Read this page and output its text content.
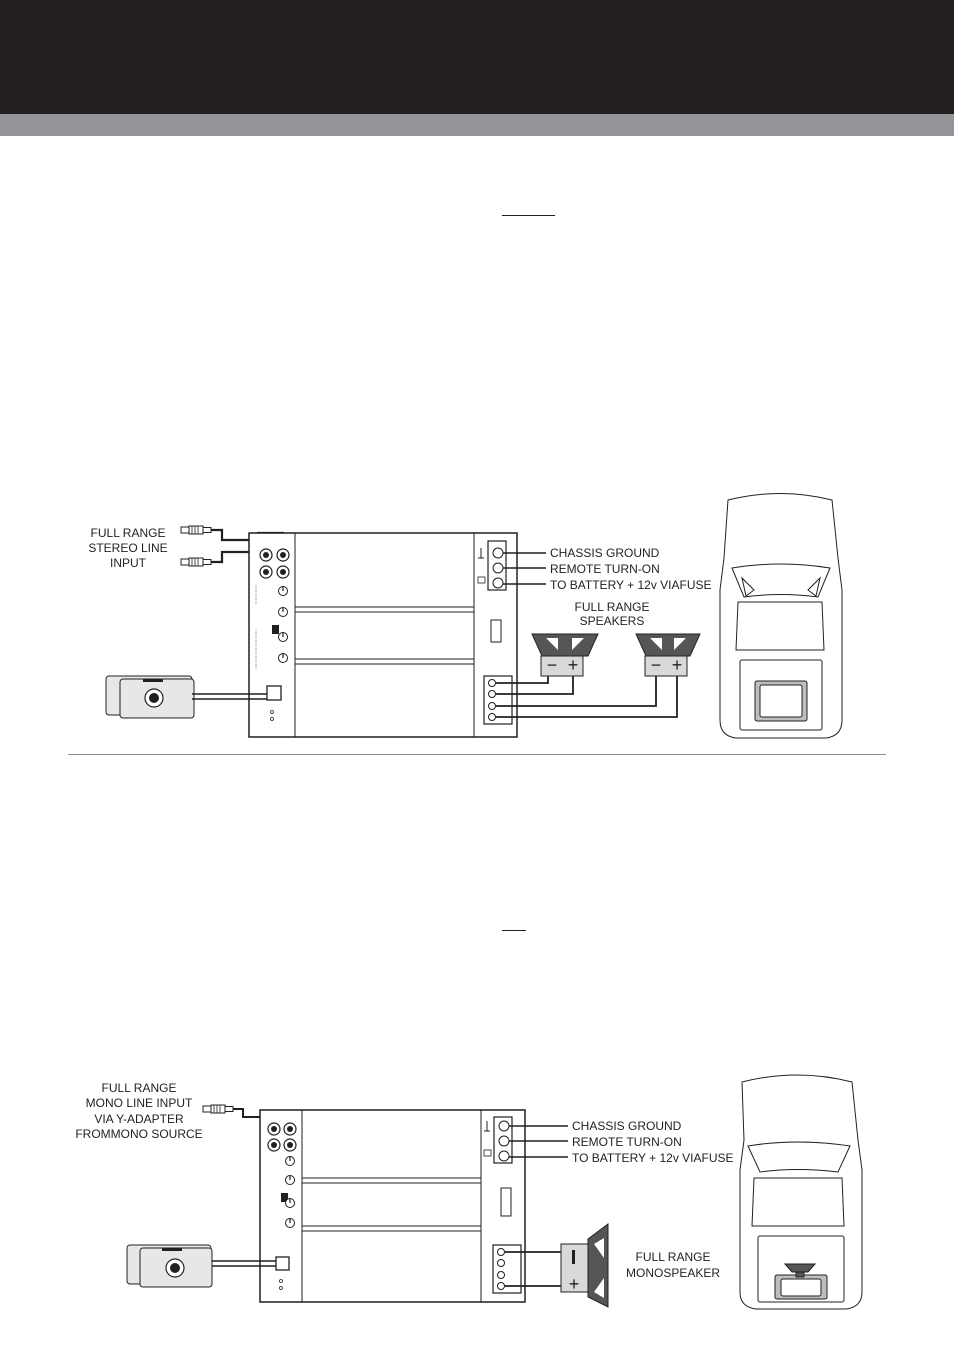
FULL RANGE
STEREO LINE
INPUT
CHASSIS GROUND
REMOTE TURN-ON
TO BATTERY + 12v VIAFUSE
FULL RANGE
SPEAKERS
− +	− +
FULL RANGE
MONO LINE INPUT
VIA Y-ADAPTER
FROMMONO SOURCE
CHASSIS GROUND
REMOTE TURN-ON
TO BATTERY + 12v VIAFUSE
+
FULL RANGE
MONOSPEAKER
